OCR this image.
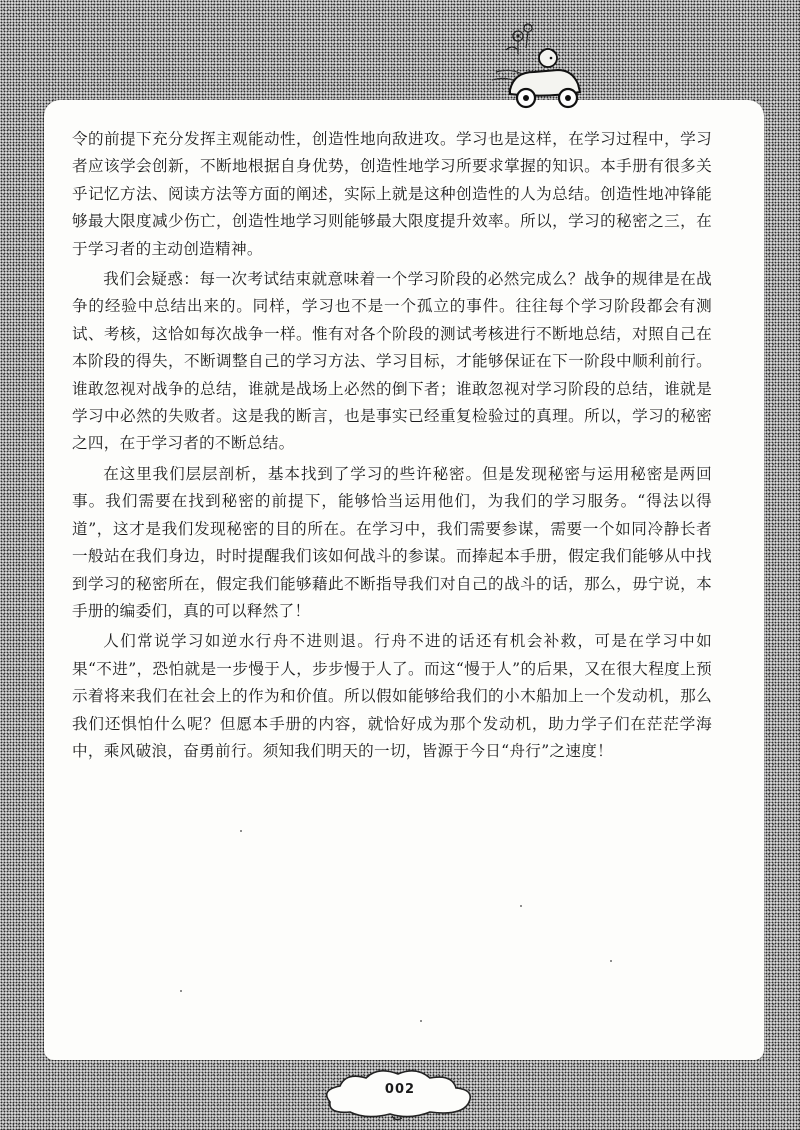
令的前提下充分发挥主观能动性，创造性地向敌进攻。学习也是这样，在学习过程中，学习者应该学会创新，不断地根据自身优势，创造性地学习所要求掌握的知识。本手册有很多关乎记忆方法、阅读方法等方面的阐述，实际上就是这种创造性的人为总结。创造性地冲锋能够最大限度减少伤亡，创造性地学习则能够最大限度提升效率。所以，学习的秘密之三，在于学习者的主动创造精神。

我们会疑惑：每一次考试结束就意味着一个学习阶段的必然完成么？战争的规律是在战争的经验中总结出来的。同样，学习也不是一个孤立的事件。往往每个学习阶段都会有测试、考核，这恰如每次战争一样。惟有对各个阶段的测试考核进行不断地总结，对照自己在本阶段的得失，不断调整自己的学习方法、学习目标，才能够保证在下一阶段中顺利前行。谁敢忽视对战争的总结，谁就是战场上必然的倒下者；谁敢忽视对学习阶段的总结，谁就是学习中必然的失败者。这是我的断言，也是事实已经重复检验过的真理。所以，学习的秘密之四，在于学习者的不断总结。

在这里我们层层剖析，基本找到了学习的些许秘密。但是发现秘密与运用秘密是两回事。我们需要在找到秘密的前提下，能够恰当运用他们，为我们的学习服务。“得法以得道”，这才是我们发现秘密的目的所在。在学习中，我们需要参谋，需要一个如同冷静长者一般站在我们身边，时时提醒我们该如何战斗的参谋。而捧起本手册，假定我们能够从中找到学习的秘密所在，假定我们能够藉此不断指导我们对自己的战斗的话，那么，毋宁说，本手册的编委们，真的可以释然了！

人们常说学习如逆水行舟不进则退。行舟不进的话还有机会补救，可是在学习中如果“不进”，恐怕就是一步慢于人，步步慢于人了。而这“慢于人”的后果，又在很大程度上预示着将来我们在社会上的作为和价值。所以假如能够给我们的小木船加上一个发动机，那么我们还惧怕什么呢？但愿本手册的内容，就恰好成为那个发动机，助力学子们在茫茫学海中，乘风破浪，奋勇前行。须知我们明天的一切，皆源于今日“舟行”之速度！

002
